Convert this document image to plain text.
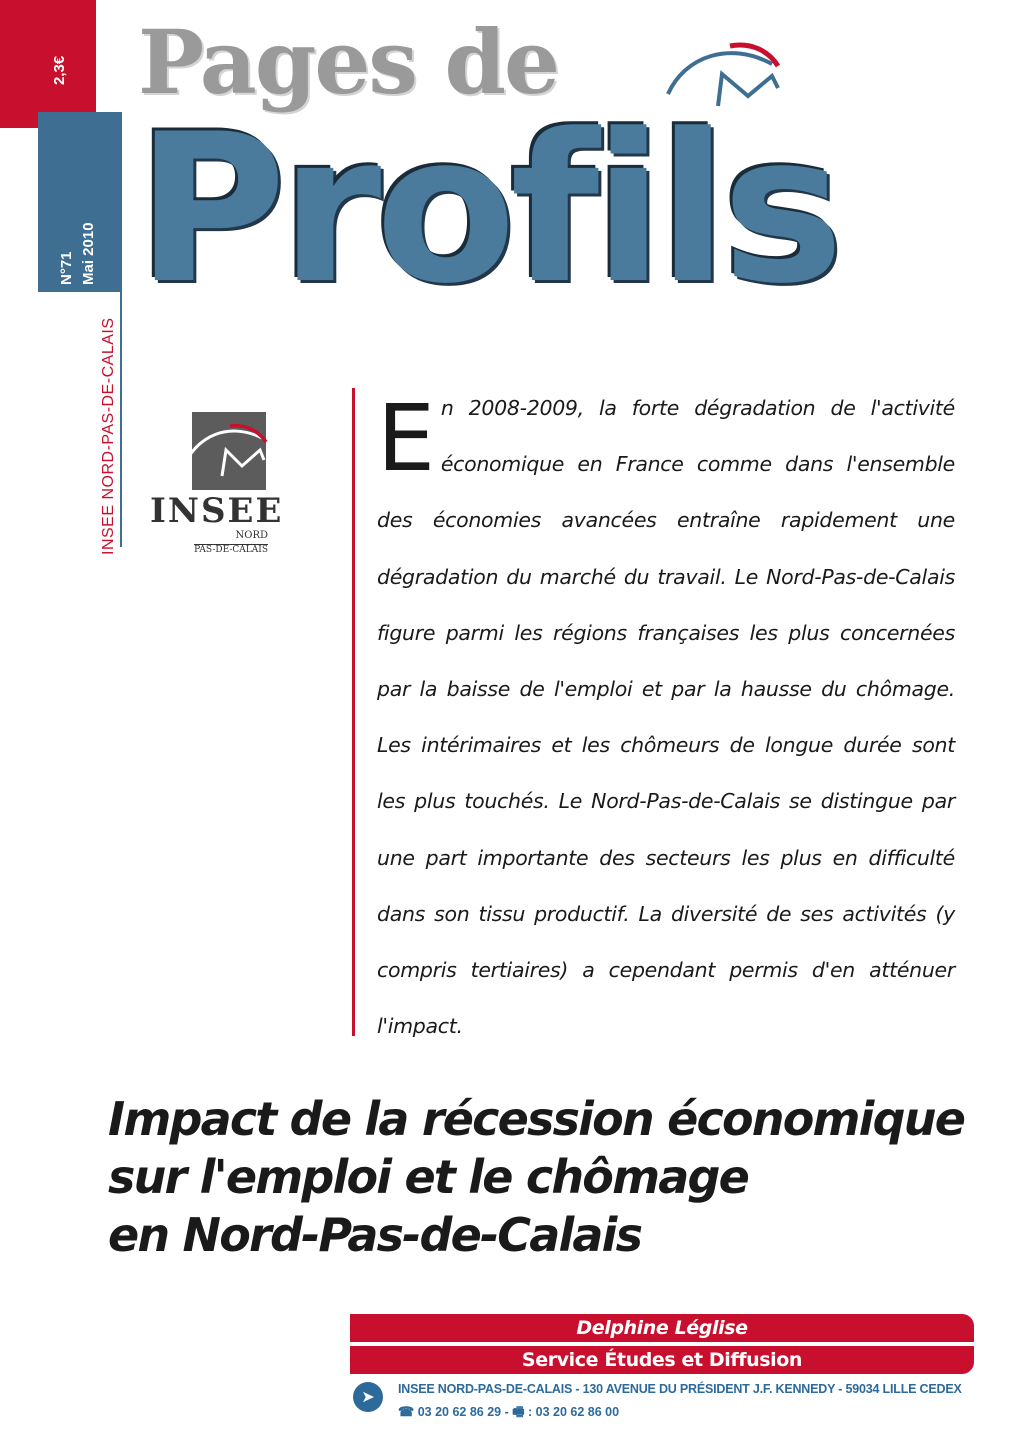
2,3€
N°71 Mai 2010
INSEE NORD-PAS-DE-CALAIS
Pages de
Profils
INSEE
NORD
PAS-DE-CALAIS
En 2008-2009, la forte dégradation de l'activité économique en France comme dans l'ensemble des économies avancées entraîne rapidement une dégradation du marché du travail. Le Nord-Pas-de-Calais figure parmi les régions françaises les plus concernées par la baisse de l'emploi et par la hausse du chômage. Les intérimaires et les chômeurs de longue durée sont les plus touchés. Le Nord-Pas-de-Calais se distingue par une part importante des secteurs les plus en difficulté dans son tissu productif. La diversité de ses activités (y compris tertiaires) a cependant permis d'en atténuer l'impact.
Impact de la récession économique
sur l'emploi et le chômage
en Nord-Pas-de-Calais
Delphine Léglise
Service Études et Diffusion
➤	INSEE NORD-PAS-DE-CALAIS - 130 AVENUE DU PRÉSIDENT J.F. KENNEDY - 59034 LILLE CEDEX
☎ 03 20 62 86 29 - 🖷 : 03 20 62 86 00
